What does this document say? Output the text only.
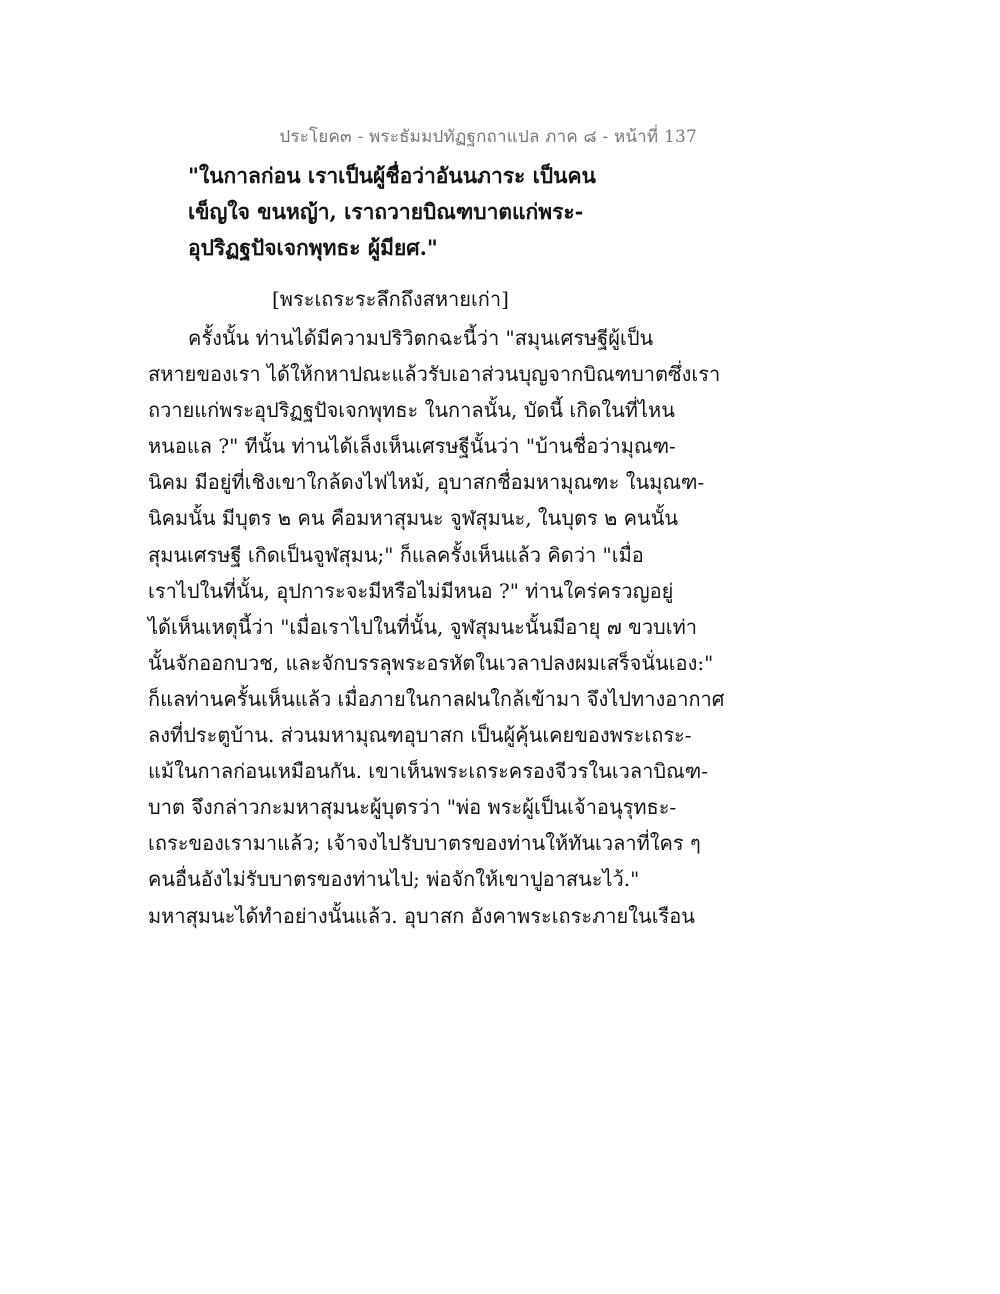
ประโยค๓ - พระธัมมปทัฏฐกถาแปล ภาค ๘ - หน้าที่ 137
"ในกาลก่อน เราเป็นผู้ชื่อว่าอันนภาระ เป็นคน
เข็ญใจ ขนหญ้า, เราถวายบิณฑบาตแก่พระ-
อุปริฏฐปัจเจกพุทธะ ผู้มียศ."
[พระเถระระลึกถึงสหายเก่า]
ครั้งนั้น ท่านได้มีความปริวิตกฉะนี้ว่า "สมุนเศรษฐีผู้เป็น
สหายของเรา ได้ให้กหาปณะแล้วรับเอาส่วนบุญจากบิณฑบาตซึ่งเรา
ถวายแก่พระอุปริฏฐปัจเจกพุทธะ ในกาลนั้น, บัดนี้ เกิดในที่ไหน
หนอแล ?" ทีนั้น ท่านได้เล็งเห็นเศรษฐีนั้นว่า "บ้านชื่อว่ามุณฑ-
นิคม มีอยู่ที่เชิงเขาใกล้ดงไฟไหม้, อุบาสกชื่อมหามุณฑะ ในมุณฑ-
นิคมนั้น มีบุตร ๒ คน คือมหาสุมนะ จูฬสุมนะ, ในบุตร ๒ คนนั้น
สุมนเศรษฐี เกิดเป็นจูฬสุมน;" ก็แลครั้งเห็นแล้ว คิดว่า "เมื่อ
เราไปในที่นั้น, อุปการะจะมีหรือไม่มีหนอ ?" ท่านใคร่ครวญอยู่
ได้เห็นเหตุนี้ว่า "เมื่อเราไปในที่นั้น, จูฬสุมนะนั้นมีอายุ ๗ ขวบเท่า
นั้นจักออกบวช, และจักบรรลุพระอรหัตในเวลาปลงผมเสร็จนั่นเอง:"
ก็แลท่านครั้นเห็นแล้ว เมื่อภายในกาลฝนใกล้เข้ามา จึงไปทางอากาศ
ลงที่ประตูบ้าน. ส่วนมหามุณฑอุบาสก เป็นผู้คุ้นเคยของพระเถระ-
แม้ในกาลก่อนเหมือนกัน. เขาเห็นพระเถระครองจีวรในเวลาบิณฑ-
บาต จึงกล่าวกะมหาสุมนะผู้บุตรว่า "พ่อ พระผู้เป็นเจ้าอนุรุทธะ-
เถระของเรามาแล้ว; เจ้าจงไปรับบาตรของท่านให้ทันเวลาที่ใคร ๆ
คนอื่นอังไม่รับบาตรของท่านไป; พ่อจักให้เขาปูอาสนะไว้."
มหาสุมนะได้ทำอย่างนั้นแล้ว. อุบาสก อังคาพระเถระภายในเรือน
